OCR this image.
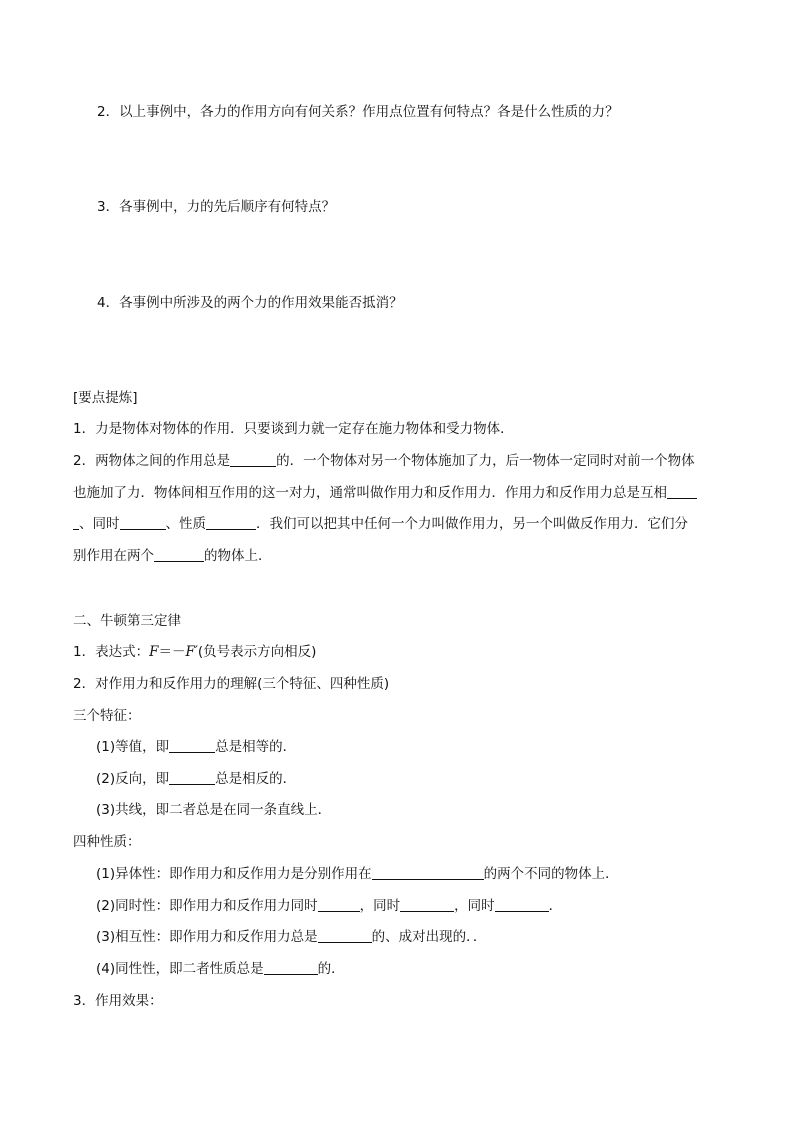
2．以上事例中，各力的作用方向有何关系？作用点位置有何特点？各是什么性质的力？
3．各事例中，力的先后顺序有何特点？
4．各事例中所涉及的两个力的作用效果能否抵消？
[要点提炼]
1．力是物体对物体的作用．只要谈到力就一定存在施力物体和受力物体．
2．两物体之间的作用总是	的．一个物体对另一个物体施加了力，后一物体一定同时对前一个物体
也施加了力．物体间相互作用的这一对力，通常叫做作用力和反作用力．作用力和反作用力总是互相
、同时	、性质	．我们可以把其中任何一个力叫做作用力，另一个叫做反作用力．它们分
别作用在两个	的物体上．
二、牛顿第三定律
1．表达式：F＝－F′(负号表示方向相反)
2．对作用力和反作用力的理解(三个特征、四种性质)
三个特征：
(1)等值，即	总是相等的．
(2)反向，即	总是相反的．
(3)共线，即二者总是在同一条直线上．
四种性质：
(1)异体性：即作用力和反作用力是分别作用在	的两个不同的物体上．
(2)同时性：即作用力和反作用力同时	，同时	，同时	．
(3)相互性：即作用力和反作用力总是	的、成对出现的．．
(4)同性性，即二者性质总是	的．
3．作用效果：
